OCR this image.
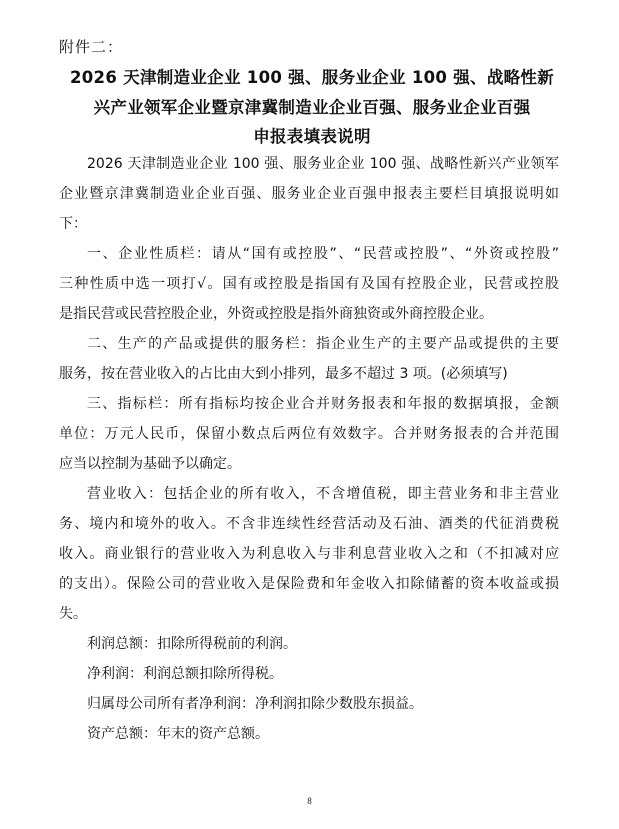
附件二：
2026 天津制造业企业 100 强、服务业企业 100 强、战略性新
兴产业领军企业暨京津冀制造业企业百强、服务业企业百强
申报表填表说明
2026 天津制造业企业 100 强、服务业企业 100 强、战略性新兴产业领军
企业暨京津冀制造业企业百强、服务业企业百强申报表主要栏目填报说明如
下：
一、企业性质栏：请从“国有或控股”、“民营或控股”、“外资或控股”
三种性质中选一项打√。国有或控股是指国有及国有控股企业，民营或控股
是指民营或民营控股企业，外资或控股是指外商独资或外商控股企业。
二、生产的产品或提供的服务栏：指企业生产的主要产品或提供的主要
服务，按在营业收入的占比由大到小排列，最多不超过 3 项。(必须填写)
三、指标栏：所有指标均按企业合并财务报表和年报的数据填报，金额
单位：万元人民币，保留小数点后两位有效数字。合并财务报表的合并范围
应当以控制为基础予以确定。
营业收入：包括企业的所有收入，不含增值税，即主营业务和非主营业
务、境内和境外的收入。不含非连续性经营活动及石油、酒类的代征消费税
收入。商业银行的营业收入为利息收入与非利息营业收入之和（不扣减对应
的支出）。保险公司的营业收入是保险费和年金收入扣除储蓄的资本收益或损
失。
利润总额：扣除所得税前的利润。
净利润：利润总额扣除所得税。
归属母公司所有者净利润：净利润扣除少数股东损益。
资产总额：年末的资产总额。
8
